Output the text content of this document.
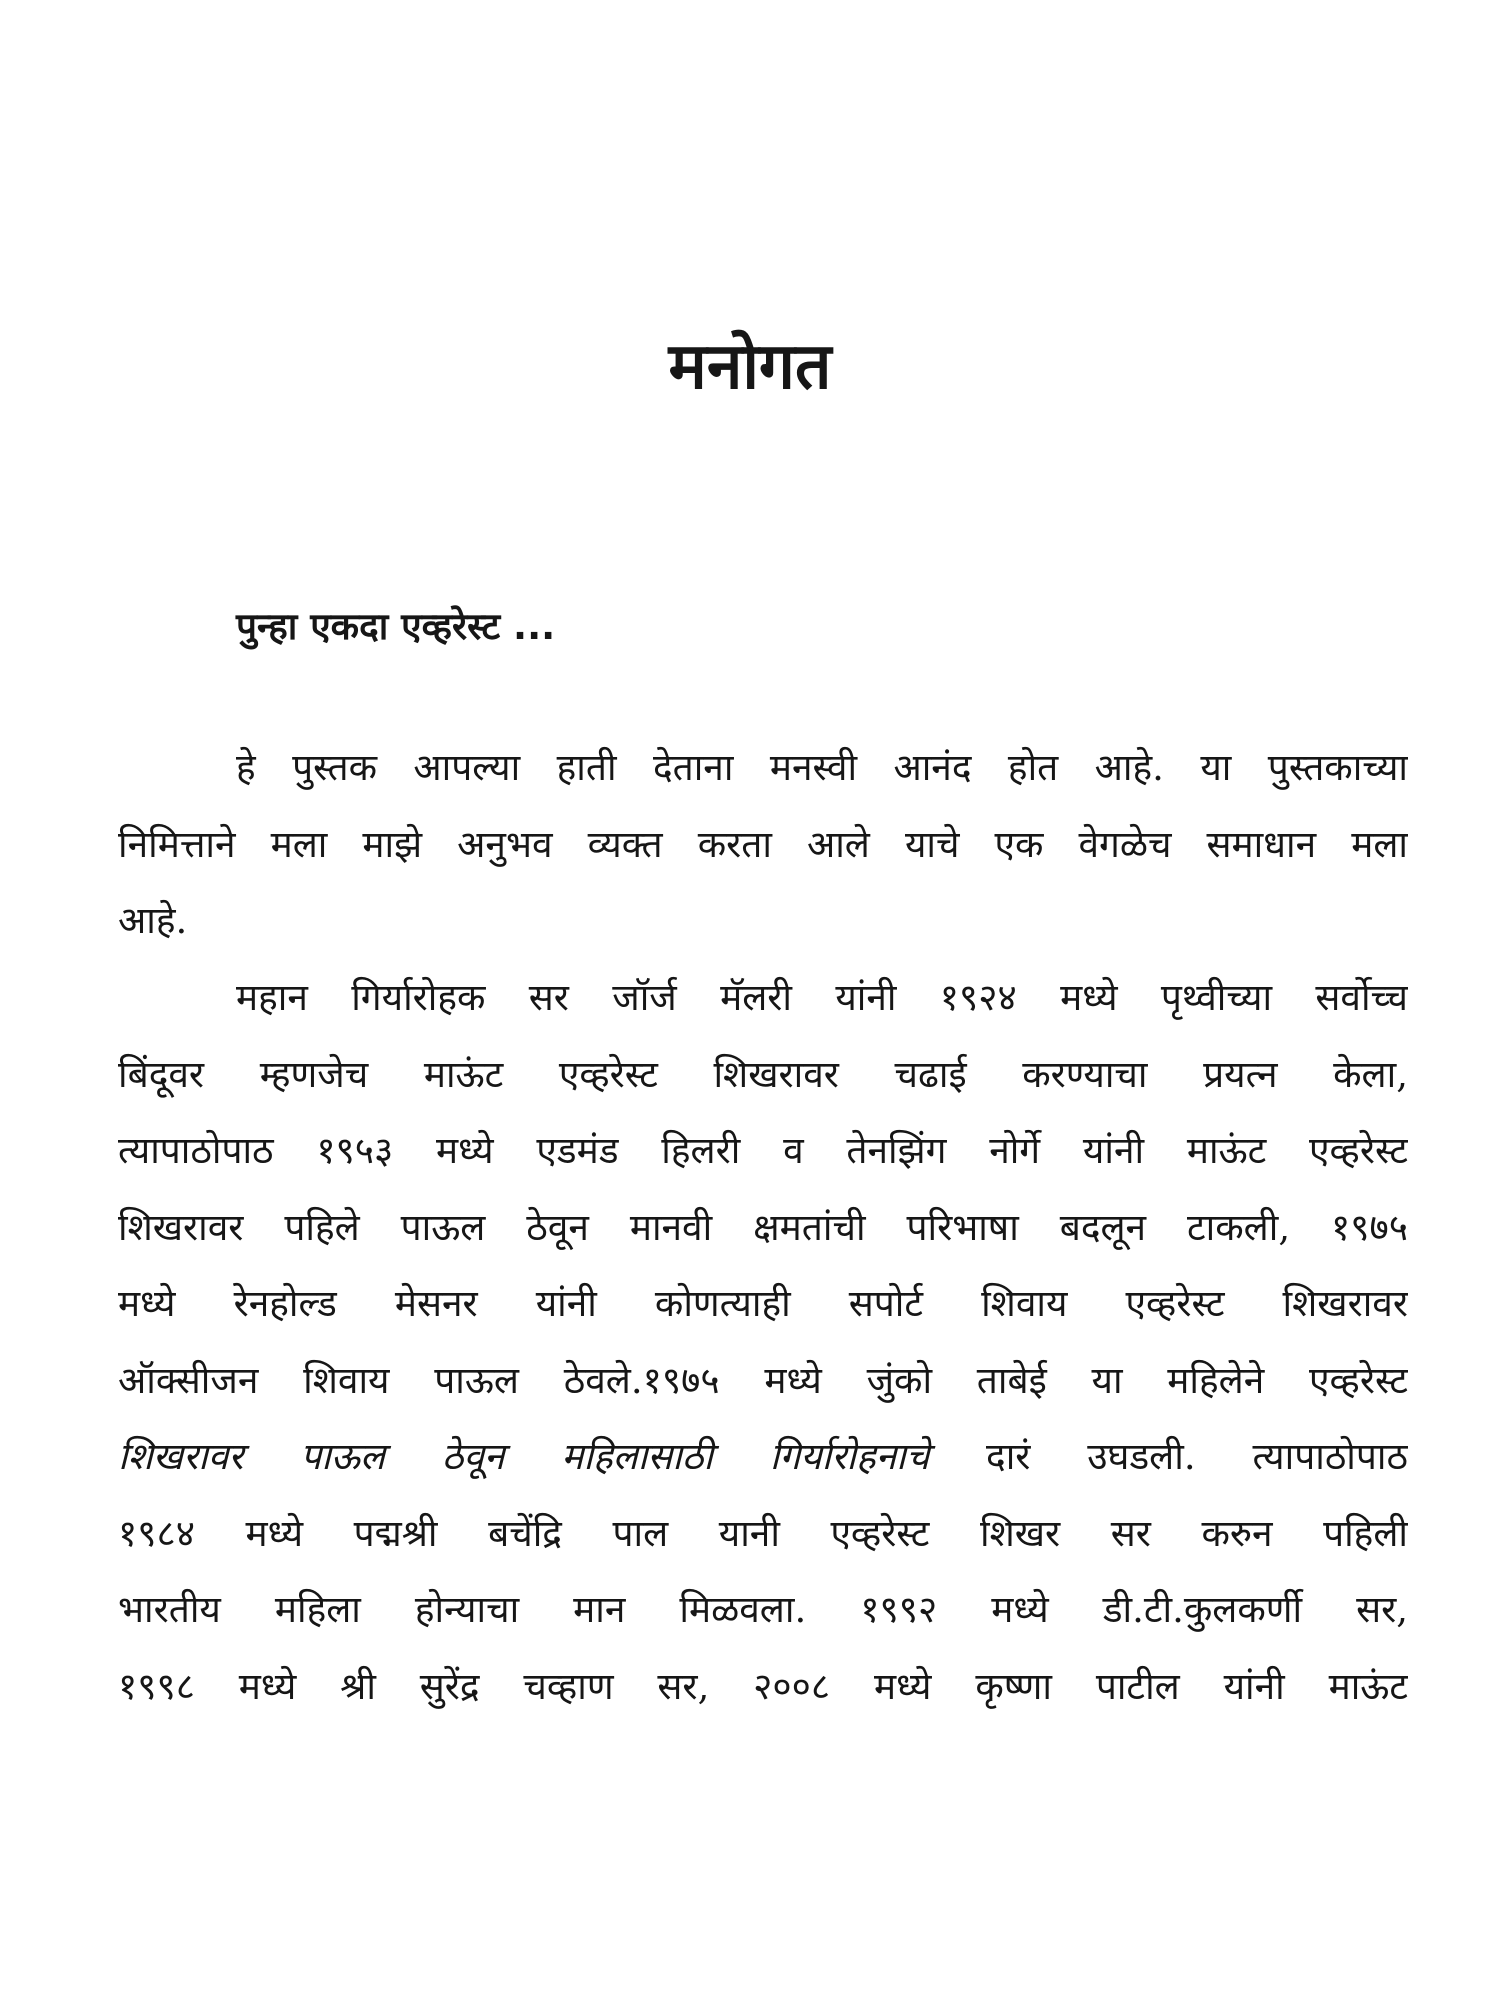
मनोगत
पुन्हा एकदा एव्हरेस्ट ...
हे पुस्तक आपल्या हाती देताना मनस्वी आनंद होत आहे. या पुस्तकाच्या
निमित्ताने मला माझे अनुभव व्यक्त करता आले याचे एक वेगळेच समाधान मला
आहे.
महान गिर्यारोहक सर जॉर्ज मॅलरी यांनी १९२४ मध्ये पृथ्वीच्या सर्वोच्च
बिंदूवर म्हणजेच माऊंट एव्हरेस्ट शिखरावर चढाई करण्याचा प्रयत्न केला,
त्यापाठोपाठ १९५३ मध्ये एडमंड हिलरी व तेनझिंग नोर्गे यांनी माऊंट एव्हरेस्ट
शिखरावर पहिले पाऊल ठेवून मानवी क्षमतांची परिभाषा बदलून टाकली, १९७५
मध्ये रेनहोल्ड मेसनर यांनी कोणत्याही सपोर्ट शिवाय एव्हरेस्ट शिखरावर
ऑक्सीजन शिवाय पाऊल ठेवले.१९७५ मध्ये जुंको ताबेई या महिलेने एव्हरेस्ट
शिखरावर पाऊल ठेवून महिलासाठी गिर्यारोहनाचे दारं उघडली. त्यापाठोपाठ
१९८४ मध्ये पद्मश्री बचेंद्रि पाल यानी एव्हरेस्ट शिखर सर करुन पहिली
भारतीय महिला होन्याचा मान मिळवला. १९९२ मध्ये डी.टी.कुलकर्णी सर,
१९९८ मध्ये श्री सुरेंद्र चव्हाण सर, २००८ मध्ये कृष्णा पाटील यांनी माऊंट
